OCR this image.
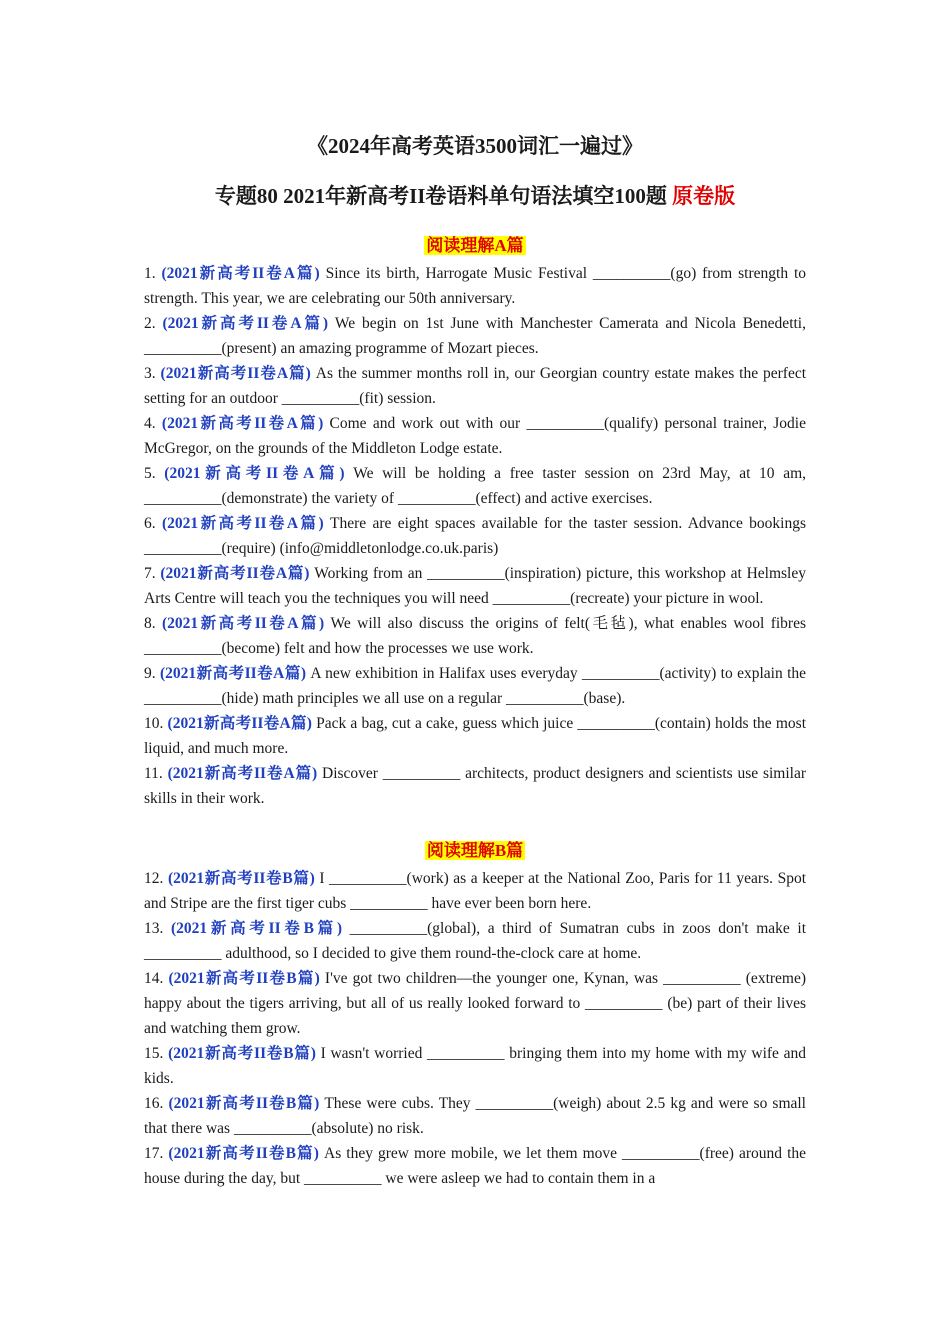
《2024年高考英语3500词汇一遍过》

专题80 2021年新高考II卷语料单句语法填空100题 原卷版

阅读理解A篇

1. (2021新高考II卷A篇) Since its birth, Harrogate Music Festival __________(go) from strength to strength. This year, we are celebrating our 50th anniversary.

2. (2021新高考II卷A篇) We begin on 1st June with Manchester Camerata and Nicola Benedetti, __________(present) an amazing programme of Mozart pieces.

3. (2021新高考II卷A篇) As the summer months roll in, our Georgian country estate makes the perfect setting for an outdoor __________(fit) session.

4. (2021新高考II卷A篇) Come and work out with our __________(qualify) personal trainer, Jodie McGregor, on the grounds of the Middleton Lodge estate.

5. (2021新高考II卷A篇) We will be holding a free taster session on 23rd May, at 10 am, __________(demonstrate) the variety of __________(effect) and active exercises.

6. (2021新高考II卷A篇) There are eight spaces available for the taster session. Advance bookings __________(require) (info@middletonlodge.co.uk.paris)

7. (2021新高考II卷A篇) Working from an __________(inspiration) picture, this workshop at Helmsley Arts Centre will teach you the techniques you will need __________(recreate) your picture in wool.

8. (2021新高考II卷A篇) We will also discuss the origins of felt(毛毡), what enables wool fibres __________(become) felt and how the processes we use work.

9. (2021新高考II卷A篇) A new exhibition in Halifax uses everyday __________(activity) to explain the __________(hide) math principles we all use on a regular __________(base).

10. (2021新高考II卷A篇) Pack a bag, cut a cake, guess which juice __________(contain) holds the most liquid, and much more.

11. (2021新高考II卷A篇) Discover __________ architects, product designers and scientists use similar skills in their work.

阅读理解B篇

12. (2021新高考II卷B篇) I __________(work) as a keeper at the National Zoo, Paris for 11 years. Spot and Stripe are the first tiger cubs __________ have ever been born here.

13. (2021新高考II卷B篇) __________(global), a third of Sumatran cubs in zoos don't make it __________ adulthood, so I decided to give them round-the-clock care at home.

14. (2021新高考II卷B篇) I've got two children—the younger one, Kynan, was __________ (extreme) happy about the tigers arriving, but all of us really looked forward to __________ (be) part of their lives and watching them grow.

15. (2021新高考II卷B篇) I wasn't worried __________ bringing them into my home with my wife and kids.

16. (2021新高考II卷B篇) These were cubs. They __________(weigh) about 2.5 kg and were so small that there was __________(absolute) no risk.

17. (2021新高考II卷B篇) As they grew more mobile, we let them move __________(free) around the house during the day, but __________ we were asleep we had to contain them in a
